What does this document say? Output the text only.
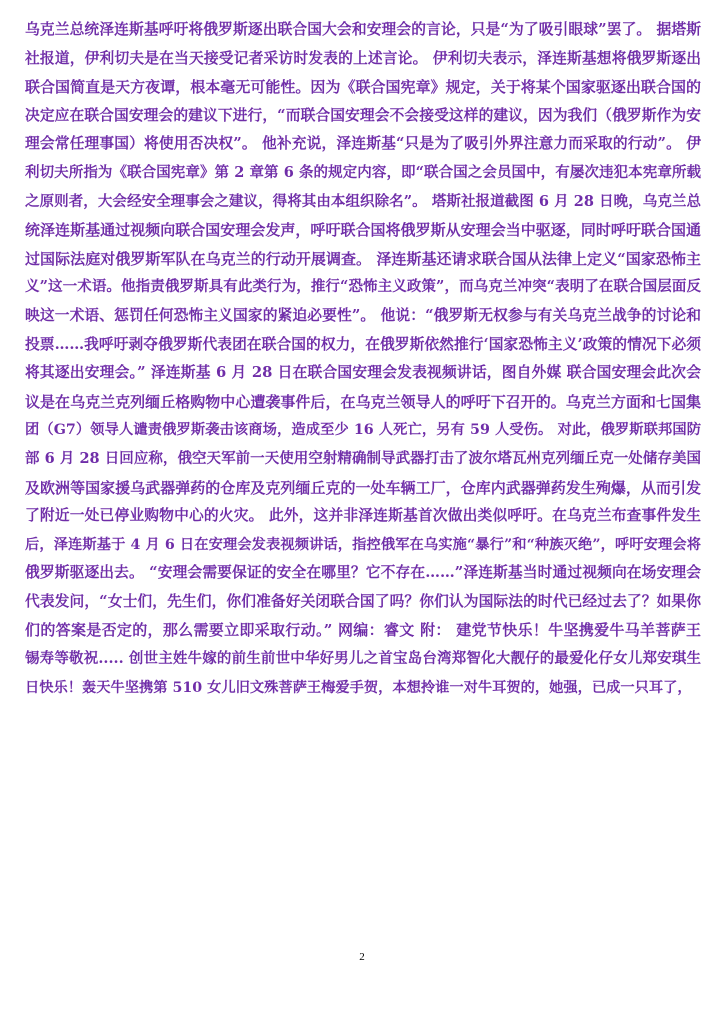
乌克兰总统泽连斯基呼吁将俄罗斯逐出联合国大会和安理会的言论，只是“为了吸引眼球”罢了。 据塔斯
社报道，伊利切夫是在当天接受记者采访时发表的上述言论。 伊利切夫表示，泽连斯基想将俄罗斯逐出
联合国简直是天方夜谭，根本毫无可能性。因为《联合国宪章》规定，关于将某个国家驱逐出联合国的
决定应在联合国安理会的建议下进行，“而联合国安理会不会接受这样的建议，因为我们（俄罗斯作为安
理会常任理事国）将使用否决权”。 他补充说，泽连斯基“只是为了吸引外界注意力而采取的行动”。 伊
利切夫所指为《联合国宪章》第 2 章第 6 条的规定内容，即“联合国之会员国中，有屡次违犯本宪章所载
之原则者，大会经安全理事会之建议，得将其由本组织除名”。 塔斯社报道截图 6 月 28 日晚，乌克兰总
统泽连斯基通过视频向联合国安理会发声，呼吁联合国将俄罗斯从安理会当中驱逐，同时呼吁联合国通
过国际法庭对俄罗斯军队在乌克兰的行动开展调查。 泽连斯基还请求联合国从法律上定义“国家恐怖主
义”这一术语。他指责俄罗斯具有此类行为，推行“恐怖主义政策”，而乌克兰冲突“表明了在联合国层面反
映这一术语、惩罚任何恐怖主义国家的紧迫必要性”。 他说：“俄罗斯无权参与有关乌克兰战争的讨论和
投票……我呼吁剥夺俄罗斯代表团在联合国的权力，在俄罗斯依然推行‘国家恐怖主义’政策的情况下必须
将其逐出安理会。” 泽连斯基 6 月 28 日在联合国安理会发表视频讲话，图自外媒 联合国安理会此次会
议是在乌克兰克列缅丘格购物中心遭袭事件后，在乌克兰领导人的呼吁下召开的。乌克兰方面和七国集
团（G7）领导人谴责俄罗斯袭击该商场，造成至少 16 人死亡，另有 59 人受伤。 对此，俄罗斯联邦国防
部 6 月 28 日回应称，俄空天军前一天使用空射精确制导武器打击了波尔塔瓦州克列缅丘克一处储存美国
及欧洲等国家援乌武器弹药的仓库及克列缅丘克的一处车辆工厂，仓库内武器弹药发生殉爆，从而引发
了附近一处已停业购物中心的火灾。 此外，这并非泽连斯基首次做出类似呼吁。在乌克兰布查事件发生
后，泽连斯基于 4 月 6 日在安理会发表视频讲话，指控俄军在乌实施“暴行”和“种族灭绝”，呼吁安理会将
俄罗斯驱逐出去。 “安理会需要保证的安全在哪里？它不存在……”泽连斯基当时通过视频向在场安理会
代表发问，“女士们，先生们，你们准备好关闭联合国了吗？你们认为国际法的时代已经过去了？如果你
们的答案是否定的，那么需要立即采取行动。” 网编：睿文 附： 建党节快乐！牛坚携爱牛马羊菩萨王
锡寿等敬祝..... 创世主姓牛嫁的前生前世中华好男儿之首宝岛台湾郑智化大靓仔的最爱化仔女儿郑安琪生
日快乐！轰天牛坚携第 510 女儿旧文殊菩萨王梅爱手贺，本想拎谁一对牛耳贺的，她强，已成一只耳了，
2
